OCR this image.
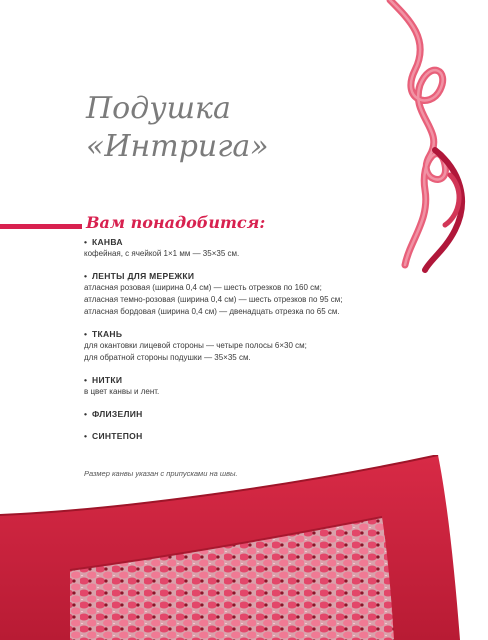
Подушка
«Интрига»
Вам понадобится:
• КАНВА
кофейная, с ячейкой 1×1 мм — 35×35 см.
• ЛЕНТЫ ДЛЯ МЕРЕЖКИ
атласная розовая (ширина 0,4 см) — шесть отрезков по 160 см;
атласная темно-розовая (ширина 0,4 см) — шесть отрезков по 95 см;
атласная бордовая (ширина 0,4 см) — двенадцать отрезка по 65 см.
• ТКАНЬ
для окантовки лицевой стороны — четыре полосы 6×30 см;
для обратной стороны подушки — 35×35 см.
• НИТКИ
в цвет канвы и лент.
• ФЛИЗЕЛИН
• СИНТЕПОН
Размер канвы указан с припусками на швы.
